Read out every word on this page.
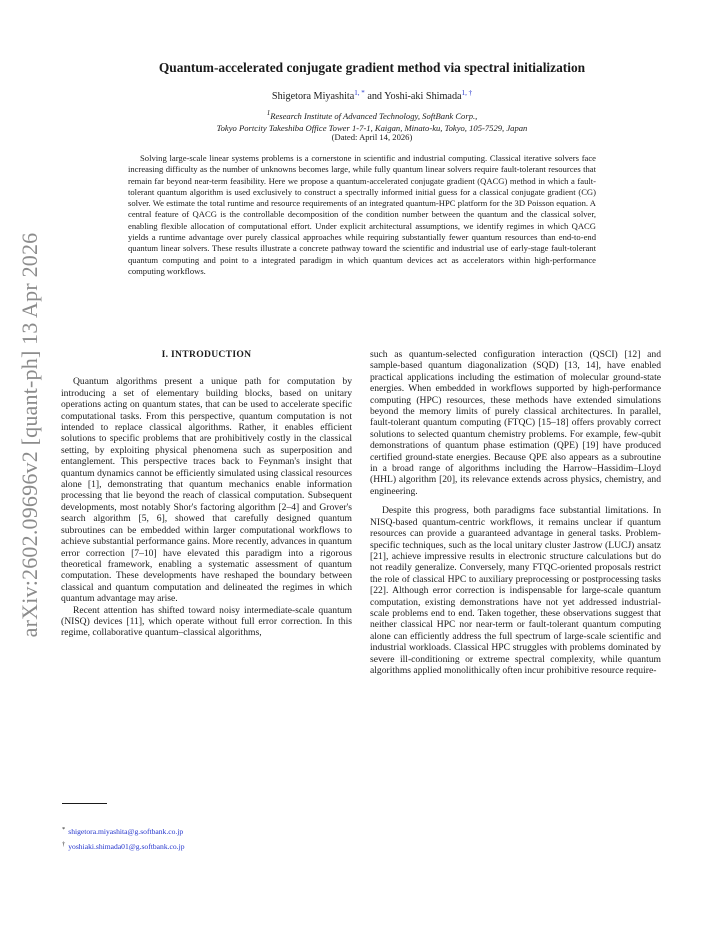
arXiv:2602.09696v2 [quant-ph] 13 Apr 2026
Quantum-accelerated conjugate gradient method via spectral initialization
Shigetora Miyashita$^{1, *}$ and Yoshi-aki Shimada$^{1, \dagger}$
$^1$Research Institute of Advanced Technology, SoftBank Corp.,
Tokyo Portcity Takeshiba Office Tower 1-7-1, Kaigan, Minato-ku, Tokyo, 105-7529, Japan
(Dated: April 14, 2026)

Solving large-scale linear systems problems is a cornerstone in scientific and industrial computing. Classical iterative solvers face increasing difficulty as the number of unknowns becomes large, while fully quantum linear solvers require fault-tolerant resources that remain far beyond near-term feasibility. Here we propose a quantum-accelerated conjugate gradient (QACG) method in which a fault-tolerant quantum algorithm is used exclusively to construct a spectrally informed initial guess for a classical conjugate gradient (CG) solver. We estimate the total runtime and resource requirements of an integrated quantum-HPC platform for the 3D Poisson equation. A central feature of QACG is the controllable decomposition of the condition number between the quantum and the classical solver, enabling flexible allocation of computational effort. Under explicit architectural assumptions, we identify regimes in which QACG yields a runtime advantage over purely classical approaches while requiring substantially fewer quantum resources than end-to-end quantum linear solvers. These results illustrate a concrete pathway toward the scientific and industrial use of early-stage fault-tolerant quantum computing and point to a integrated paradigm in which quantum devices act as accelerators within high-performance computing workflows.

I. INTRODUCTION

Quantum algorithms present a unique path for computation by introducing a set of elementary building blocks, based on unitary operations acting on quantum states, that can be used to accelerate specific computational tasks. From this perspective, quantum computation is not intended to replace classical algorithms. Rather, it enables efficient solutions to specific problems that are prohibitively costly in the classical setting, by exploiting physical phenomena such as superposition and entanglement. This perspective traces back to Feynman's insight that quantum dynamics cannot be efficiently simulated using classical resources alone [1], demonstrating that quantum mechanics enable information processing that lie beyond the reach of classical computation. Subsequent developments, most notably Shor's factoring algorithm [2–4] and Grover's search algorithm [5, 6], showed that carefully designed quantum subroutines can be embedded within larger computational workflows to achieve substantial performance gains. More recently, advances in quantum error correction [7–10] have elevated this paradigm into a rigorous theoretical framework, enabling a systematic assessment of quantum computation. These developments have reshaped the boundary between classical and quantum computation and delineated the regimes in which quantum advantage may arise.

Recent attention has shifted toward noisy intermediate-scale quantum (NISQ) devices [11], which operate without full error correction. In this regime, collaborative quantum–classical algorithms,

such as quantum-selected configuration interaction (QSCI) [12] and sample-based quantum diagonalization (SQD) [13, 14], have enabled practical applications including the estimation of molecular ground-state energies. When embedded in workflows supported by high-performance computing (HPC) resources, these methods have extended simulations beyond the memory limits of purely classical architectures. In parallel, fault-tolerant quantum computing (FTQC) [15–18] offers provably correct solutions to selected quantum chemistry problems. For example, few-qubit demonstrations of quantum phase estimation (QPE) [19] have produced certified ground-state energies. Because QPE also appears as a subroutine in a broad range of algorithms including the Harrow–Hassidim–Lloyd (HHL) algorithm [20], its relevance extends across physics, chemistry, and engineering.

Despite this progress, both paradigms face substantial limitations. In NISQ-based quantum-centric workflows, it remains unclear if quantum resources can provide a guaranteed advantage in general tasks. Problem-specific techniques, such as the local unitary cluster Jastrow (LUCJ) ansatz [21], achieve impressive results in electronic structure calculations but do not readily generalize. Conversely, many FTQC-oriented proposals restrict the role of classical HPC to auxiliary preprocessing or postprocessing tasks [22]. Although error correction is indispensable for large-scale quantum computation, existing demonstrations have not yet addressed industrial-scale problems end to end. Taken together, these observations suggest that neither classical HPC nor near-term or fault-tolerant quantum computing alone can efficiently address the full spectrum of large-scale scientific and industrial workloads. Classical HPC struggles with problems dominated by severe ill-conditioning or extreme spectral complexity, while quantum algorithms applied monolithically often incur prohibitive resource require-

* shigetora.miyashita@g.softbank.co.jp
† yoshiaki.shimada01@g.softbank.co.jp
